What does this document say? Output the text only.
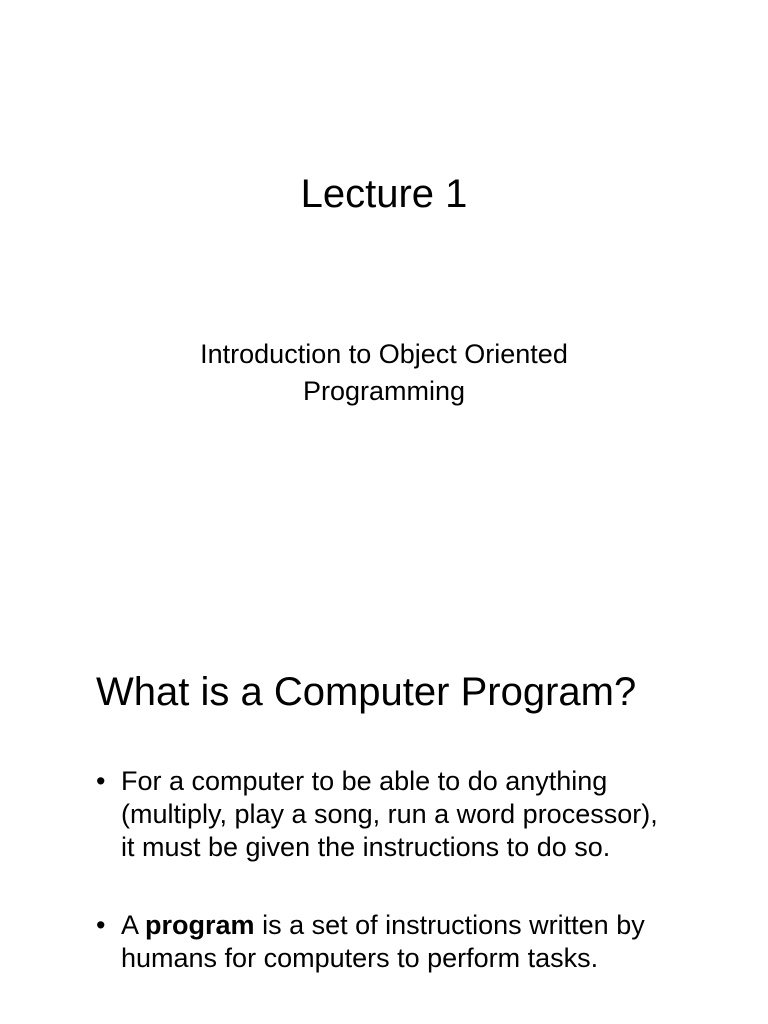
Lecture 1

Introduction to Object Oriented
Programming

What is a Computer Program?
• For a computer to be able to do anything
(multiply, play a song, run a word processor),
it must be given the instructions to do so.
• A program is a set of instructions written by
humans for computers to perform tasks.
